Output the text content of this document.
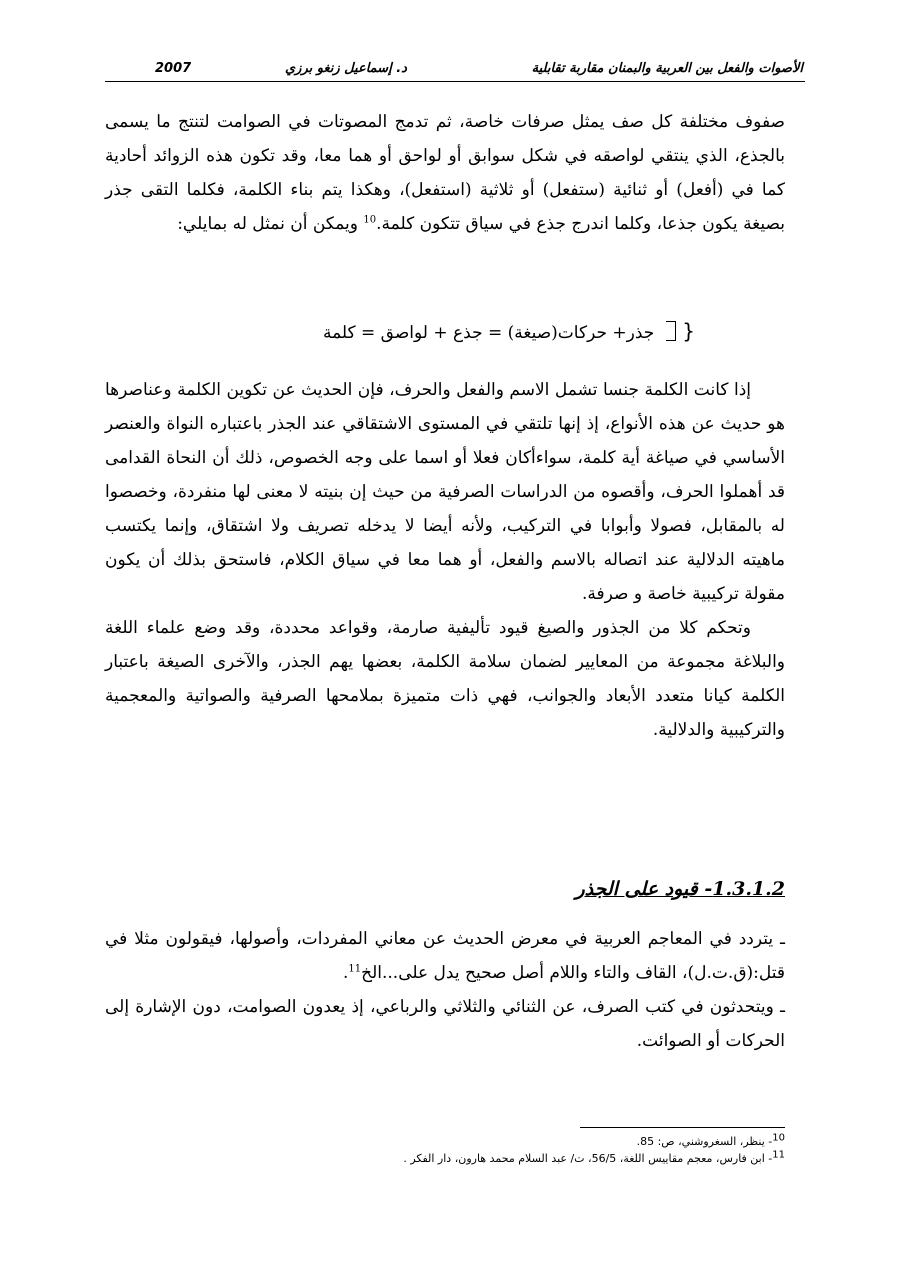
الأصوات والفعل بين العربية والبمنان مقاربة تقابلية
د. إسماعيل زنغو برزي
2007

صفوف مختلفة كل صف يمثل صرفات خاصة، ثم تدمج المصوتات في الصوامت لتنتج ما يسمى بالجذع، الذي ينتقي لواصقه في شكل سوابق أو لواحق أو هما معا، وقد تكون هذه الزوائد أحادية كما في (أفعل) أو ثنائية (ستفعل) أو ثلاثية (استفعل)، وهكذا يتم بناء الكلمة، فكلما التقى جذر بصيغة يكون جذعا، وكلما اندرج جذع في سياق تتكون كلمة.$^{10}$ ويمكن أن نمثل له بمايلي:

{جذر+ حركات(صيغة) = جذع + لواصق = كلمة

إذا كانت الكلمة جنسا تشمل الاسم والفعل والحرف، فإن الحديث عن تكوين الكلمة وعناصرها هو حديث عن هذه الأنواع، إذ إنها تلتقي في المستوى الاشتقاقي عند الجذر باعتباره النواة والعنصر الأساسي في صياغة أية كلمة، سواءأكان فعلا أو اسما على وجه الخصوص، ذلك أن النحاة القدامى قد أهملوا الحرف، وأقصوه من الدراسات الصرفية من حيث إن بنيته لا معنى لها منفردة، وخصصوا له بالمقابل، فصولا وأبوابا في التركيب، ولأنه أيضا لا يدخله تصريف ولا اشتقاق، وإنما يكتسب ماهيته الدلالية عند اتصاله بالاسم والفعل، أو هما معا في سياق الكلام، فاستحق بذلك أن يكون مقولة تركيبية خاصة و صرفة.

وتحكم كلا من الجذور والصيغ قيود تأليفية صارمة، وقواعد محددة، وقد وضع علماء اللغة والبلاغة مجموعة من المعايير لضمان سلامة الكلمة، بعضها يهم الجذر، والآخرى الصيغة باعتبار الكلمة كيانا متعدد الأبعاد والجوانب، فهي ذات متميزة بملامحها الصرفية والصواتية والمعجمية والتركيبية والدلالية.

1.3.1.2- قيود على الجذر

ـ يتردد في المعاجم العربية في معرض الحديث عن معاني المفردات، وأصولها، فيقولون مثلا في قتل:(ق.ت.ل)، القاف والتاء واللام أصل صحيح يدل على...الخ$^{11}$.

ـ ويتحدثون في كتب الصرف، عن الثنائي والثلاثي والرباعي، إذ يعدون الصوامت، دون الإشارة إلى الحركات أو الصوائت.

$^{10}$- ينظر، السغروشني، ص: 85.
$^{11}$- ابن فارس، معجم مقاييس اللغة، 56/5، ت/ عبد السلام محمد هارون، دار الفكر .
